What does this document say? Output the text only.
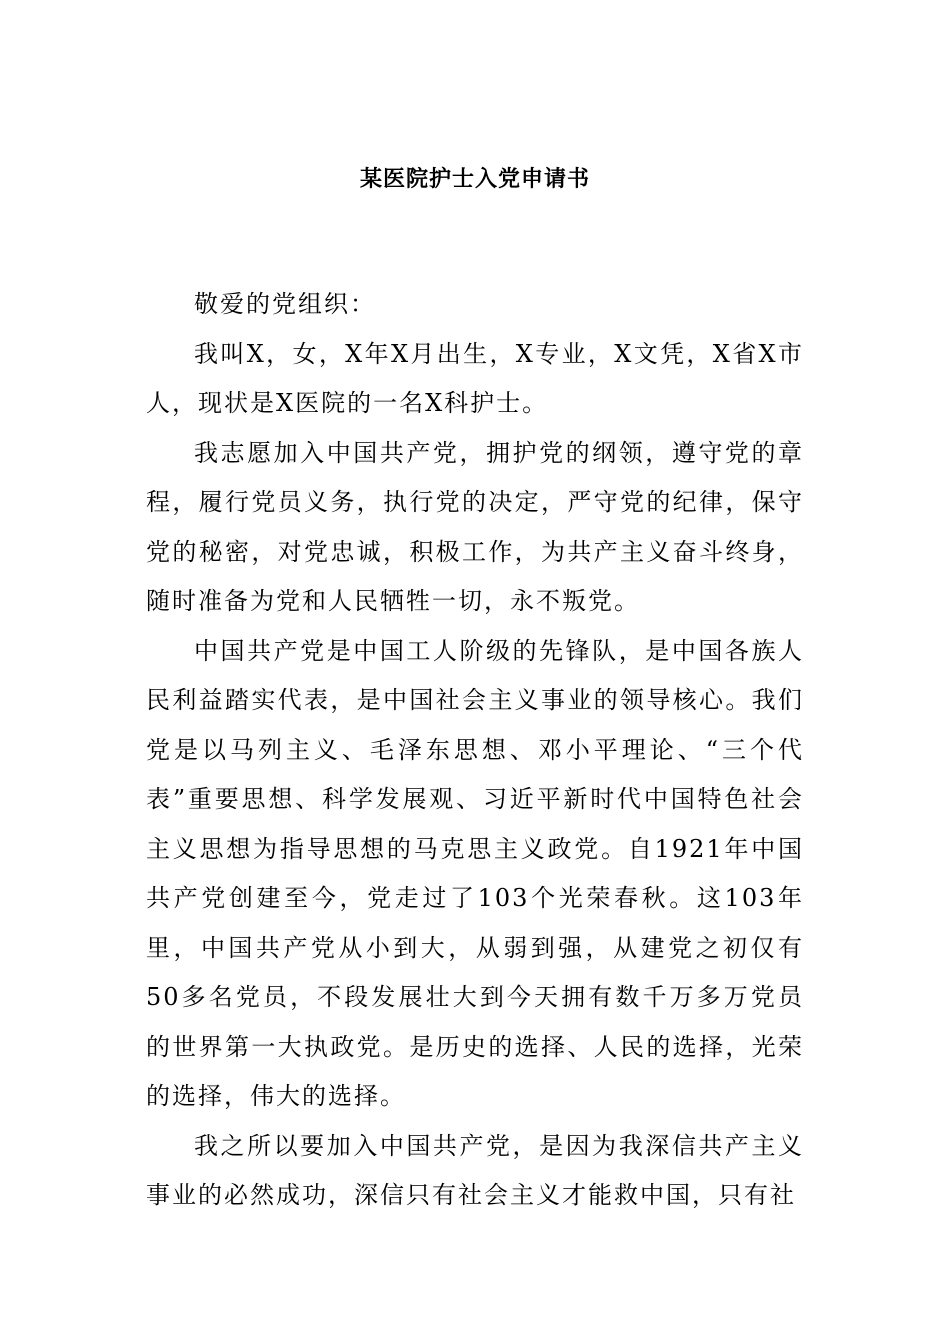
某医院护士入党申请书

敬爱的党组织：

我叫X，女，X年X月出生，X专业，X文凭，X省X市人，现状是X医院的一名X科护士。

我志愿加入中国共产党，拥护党的纲领，遵守党的章程，履行党员义务，执行党的决定，严守党的纪律，保守党的秘密，对党忠诚，积极工作，为共产主义奋斗终身，随时准备为党和人民牺牲一切，永不叛党。

中国共产党是中国工人阶级的先锋队，是中国各族人民利益踏实代表，是中国社会主义事业的领导核心。我们党是以马列主义、毛泽东思想、邓小平理论、“三个代表”重要思想、科学发展观、习近平新时代中国特色社会主义思想为指导思想的马克思主义政党。自1921年中国共产党创建至今，党走过了103个光荣春秋。这103年里，中国共产党从小到大，从弱到强，从建党之初仅有50多名党员，不段发展壮大到今天拥有数千万多万党员的世界第一大执政党。是历史的选择、人民的选择，光荣的选择，伟大的选择。

我之所以要加入中国共产党，是因为我深信共产主义事业的必然成功，深信只有社会主义才能救中国，只有社
